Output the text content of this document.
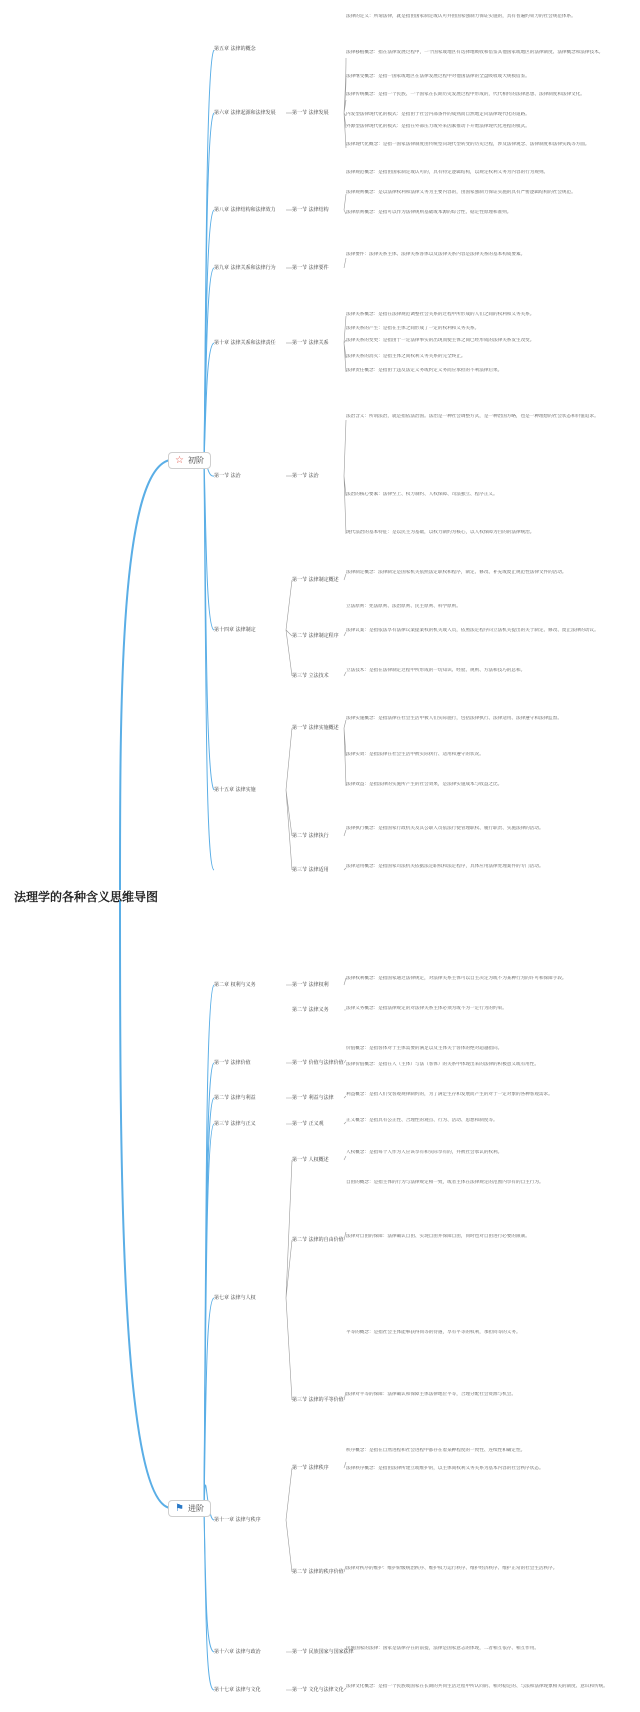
法理学的各种含义思维导图
☆ 初阶
⚑ 进阶
第五章 法律的概念
第六章 法律起源和法律发展
第八章 法律结构和法律效力
第九章 法律关系和法律行为
第十章 法律关系和法律责任
第一节 法治
第十四章 法律制定
第十五章 法律实施
第二章 权利与义务
第一节 法律价值
第二节 法律与利益
第三节 法律与正义
第七章 法律与人权
第十一章 法律与秩序
第十六章 法律与政治
第十七章 法律与文化
第一节 法律发展
第一节 法律结构
第一节 法律要件
第一节 法律关系
第一节 法治
第一节 法律制定概述
第二节 法律制定程序
第三节 立法技术
第一节 法律实施概述
第二节 法律执行
第三节 法律适用
第一节 法律权利
第二节 法律义务
第一节 价值与法律价值
第一节 利益与法律
第一节 正义观
第一节 人权概述
第二节 法律的自由价值
第三节 法律的平等价值
第一节 法律秩序
第二节 法律的秩序价值
第一节 民族国家与国家法律
第一节 文化与法律文化
法律的定义：所谓法律，就是指由国家制定或认可并由国家强制力保证实施的，具有普遍约束力的社会规范体系。
法律移植概念：指在法律发展过程中，一个国家或地区有选择地吸收和借鉴其他国家或地区的法律制度、法律概念和法律技术。
法律继受概念：是指一国家或地区在法律发展过程中对他国法律的全盘吸收或大规模借鉴。
法律传统概念：是指一个民族、一个国家在长期历史发展过程中形成的，代代相传的法律思想、法律制度和法律文化。
内发型法律现代化的模式：是指由于社会内部条件的成熟而自然地走向法律现代化的道路。
外源型法律现代化的模式：是指在外部压力或外来因素推动下开始法律现代化进程的模式。
法律现代化概念：是指一国家法律制度由传统型向现代型转变的历史过程，涉及法律观念、法律制度和法律实践等方面。
法律规范概念：是指由国家制定或认可的，具有特定逻辑结构，以规定权利义务为内容的行为规则。
法律规则概念：是以法律权利和法律义务为主要内容的，由国家强制力保证实施的具有严密逻辑结构的社会规范。
法律原则概念：是指可以作为法律规则基础或本源的综合性、稳定性原理和准则。
法律要件：法律关系主体、法律关系客体以及法律关系内容是法律关系的基本构成要素。
法律关系概念：是指在法律规范调整社会关系的过程中所形成的人们之间的权利和义务关系。
法律关系的产生：是指在主体之间形成了一定的权利和义务关系。
法律关系的变更：是指由于一定法律事实的出现而使主体之间已经形成的法律关系发生改变。
法律关系的消灭：是指主体之间权利义务关系的完全终止。
法律责任概念：是指由于违反法定义务或约定义务而应承担的不利法律后果。
法治含义：所谓法治，就是指依法治国。法治是一种社会调整方式，是一种治国方略，也是一种理想的社会状态和价值追求。
法治的核心要素：法律至上、权力制约、人权保障、司法独立、程序正义。
现代法治的基本特征：是以民主为基础，以权力制约为核心，以人权保障为目的的法律统治。
法律制定概念：法律制定是国家机关依照法定职权和程序，制定、修改、补充或废止规范性法律文件的活动。
立法原则：宪法原则、法治原则、民主原则、科学原则。
法律议案：是指依法享有法律议案提案权的机关或人员，依照法定程序向立法机关提出的关于制定、修改、废止法律的动议。
立法技术：是指在法律制定过程中所形成的一切知识、经验、规则、方法和技巧的总和。
法律实施概念：是指法律在社会生活中被人们实际施行，包括法律执行、法律适用、法律遵守和法律监督。
法律实效：是指法律在社会生活中被实际执行、适用和遵守的状况。
法律效益：是指法律的实施所产生的社会效果，是法律实施成本与收益之比。
法律执行概念：是指国家行政机关及其公职人员依法行使管理职权、履行职责、实施法律的活动。
法律适用概念：是指国家司法机关依据法定职权和法定程序，具体应用法律处理案件的专门活动。
法律权利概念：是指国家通过法律规定，对法律关系主体可以自主决定为或不为某种行为的许可和保障手段。
法律义务概念：是指法律规定的对法律关系主体必须为或不为一定行为的约束。
价值概念：是指客体对于主体需要的满足以及主体关于客体的绝对超越指向。
法律价值概念：是指在人（主体）与法（客体）的关系中体现出来的法律的积极意义或有用性。
利益概念：是指人们受客观规律制约的，为了满足生存和发展而产生的对于一定对象的各种客观需求。
正义概念：是指具有公正性、合理性的观点、行为、活动、思想和制度等。
人权概念：是指每个人作为人应该享有和实际享有的，并被社会承认的权利。
自由的概念：是指主体的行为与法律规定相一致，或者主体在法律规定的范围内享有的自主行为。
法律对自由的保障：法律确认自由、实现自由并保障自由，同时也对自由进行必要的限制。
平等的概念：是指社会主体能够获得同等的待遇，享有平等的权利，承担同等的义务。
法律对平等的保障：法律确认和保障主体法律地位平等，合理分配社会资源与机会。
秩序概念：是指在自然进程和社会进程中都存在着某种程度的一致性、连续性和确定性。
法律秩序概念：是指由法律所建立或维护的，以主体间权利义务关系为基本内容的社会秩序状态。
法律对秩序的维护：维护阶级统治秩序、维护权力运行秩序、维护经济秩序、维护正常的社会生活秩序。
民族国家的法律：国家是法律存在的前提，法律是国家意志的体现，二者相互依存、相互作用。
法律文化概念：是指一个民族或国家在长期的共同生活过程中所认同的、相对稳定的、与法和法律现象相关的制度、意识和传统。
